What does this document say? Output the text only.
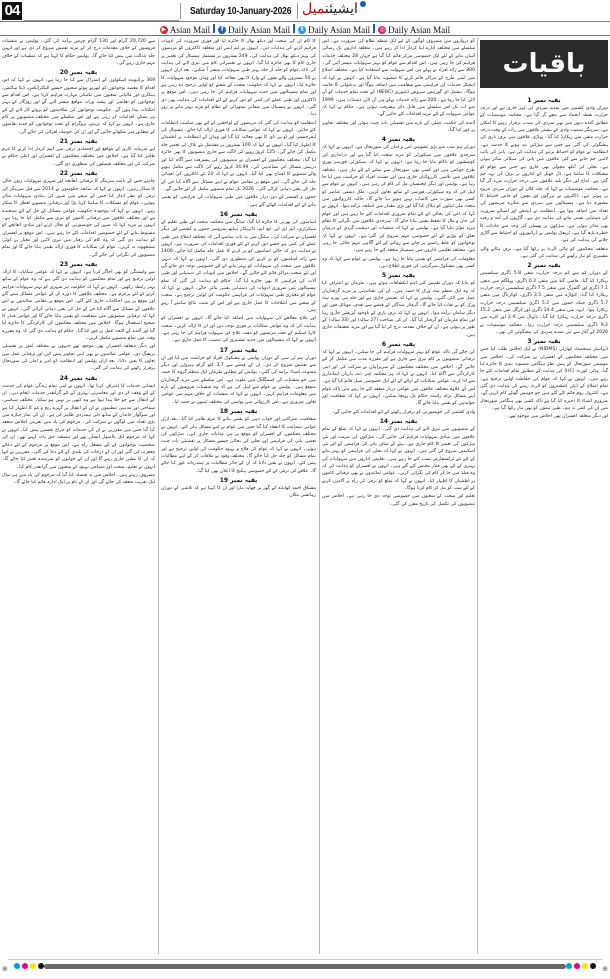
04	Saturday 10-January-2026	ایشیئنمیل
▶ Asian Mail	f Daily Asian Mail	t Daily Asian Mail ◎ Daily Asian Mail
سے 20,720 گرام اور 130 گرام چرس برآمد کی گئی۔ پولیس نے منشیات فروشوں کے خلاف مقدمات درج کر کے مزید تفتیش شروع کر دی ہے اور انہیں جلد عدالت میں پیش کیا جائے گا۔ پولیس حکام کا کہنا ہے کہ منشیات کے خلاف مہم جاری رہے گی۔
بقیہ نمبر 20
369 پرائیویٹ اسکولوں کے اشتراک سے کیا جا رہا ہے۔ انہوں نے کہا کہ اس اقدام کا مقصد نوجوانوں کو ابھرتے ہوئے شعبوں جیسے الیکٹرانکس، ڈیٹا سائنس، بینکاری اور مالیاتی شعبوں میں تکنیکی مہارت فراہم کرنا ہے۔ اس اقدام سے نوجوانوں کو تعلیمی اور پیشہ ورانہ مواقع میسر آئیں گے اور روزگار کے بہتر امکانات پیدا ہوں گے۔ حکومت نوجوانوں کی صلاحیتوں کو بروئے کار لانے کے لئے ہر ممکن اقدامات کر رہی ہے اور اس سلسلے میں مختلف منصوبوں پر کام جاری ہے۔ انہوں نے کہا کہ تربیتی پروگرام کے تحت نوجوانوں کو جدید تقاضوں کے مطابق ہنر سکھائے جائیں گے اور ان کی حوصلہ افزائی کی جائے گی۔
بقیہ نمبر 21
لیے سرمایہ کاری کے مواقع اور اقتصادی ترقی میں اہم کردار ادا کرنے کا عزم ظاہر کیا گیا ہے۔ اجلاس میں مختلف محکموں کے افسران اور اعلیٰ حکام نے شرکت کی اور مختلف فیصلوں کی منظوری دی گئی۔
بقیہ نمبر 22
چاہئے جس کے باعث سرینگر کا ترقیاتی ڈھانچہ اور شہری سہولیات زبوں حالی کا شکار رہیں۔ انہوں نے کہا کہ سابقہ حکومتوں نے 2014 سے قبل سرینگر کی ترقی کو نظر انداز کیا جس کے نتیجے میں شہر کی بنیادی سہولیات متاثر ہوئیں۔ عوام کو مشکلات کا سامنا کرنا پڑا اور ترقیاتی منصوبے تعطل کا شکار رہے۔ انہوں نے کہا کہ موجودہ حکومت عوامی مسائل کے حل کے لئے سنجیدہ ہے اور مختلف علاقوں میں ترقیاتی کاموں کو تیزی سے مکمل کیا جا رہا ہے۔ انہوں نے مزید کہا کہ شہر کی خوبصورتی کو بحال کرنے اور بنیادی ڈھانچے کو مضبوط بنانے کے لئے خصوصی اقدامات کئے جا رہے ہیں۔ اس موقع پر افسران کو ہدایت دی گئی کہ وہ کام کی رفتار میں تیزی لائیں اور معیار پر کوئی سمجھوتہ نہ کریں۔ عوام کی شکایات کا فوری ازالہ یقینی بنایا جائے گا اور تمام منصوبوں کی نگرانی کی جائے گی۔
بقیہ نمبر 23
سے وابستگی کو بھی اجاگر کرتا ہے۔ انہوں نے کہا کہ عوامی شکایات کا ازالہ اولین ترجیح ہے اور تمام محکموں کو ہدایت دی گئی ہے کہ وہ عوام کے ساتھ بہتر رابطہ رکھیں۔ انہوں نے کہا کہ حکومت ہر شہری کو بہتر سہولیات فراہم کرنے کے لئے پرعزم ہے۔ مختلف علاقوں کا دورہ کر کے عوامی مسائل سنے گئے اور موقع پر ہی احکامات جاری کئے گئے۔ اس موقع پر مقامی نمائندوں نے اپنے علاقوں کے مسائل سے آگاہ کیا جن کے حل کی یقین دہانی کرائی گئی۔ انہوں نے کہا کہ ترقیاتی منصوبوں میں شفافیت کو یقینی بنایا جائے گا اور عوامی فنڈز کا صحیح استعمال ہوگا۔ اجلاس میں مختلف محکموں کی کارکردگی کا جائزہ لیا گیا اور آئندہ کے لائحہ عمل پر غور کیا گیا۔ حکام کو ہدایت دی گئی کہ وہ مقررہ وقت میں تمام منصوبے مکمل کریں۔
اور دیگر متعلقہ افسران بھی موجود تھے جنہوں نے مختلف امور پر تفصیلی بریفنگ دی۔ عوامی نمائندوں نے بھی اپنی تجاویز پیش کیں اور ترقیاتی عمل میں تعاون کا یقین دلایا۔ بعد ازاں پولیس اور انتظامیہ کو امن و امان کی صورتحال برقرار رکھنے کی ہدایت کی گئی۔
بقیہ نمبر 24
انسانی خدمات کا اعتراف کرتا تھا۔ انہوں نے اپنی تمام زندگی عوام کی خدمت کے لئے وقف کر دی اور معاشرتی بہتری کے لئے گرانقدر خدمات انجام دیں۔ ان کے انتقال سے جو خلا پیدا ہوا ہے وہ کبھی پر نہیں ہو سکتا۔ مختلف سیاسی، سماجی اور مذہبی تنظیموں نے ان کے انتقال پر گہرے رنج و غم کا اظہار کیا ہے اور سوگوار خاندان کے ساتھ دلی ہمدردی ظاہر کی ہے۔ ان کی نماز جنازہ میں بڑی تعداد میں لوگوں نے شرکت کی۔ مرحوم کی یاد میں تعزیتی اجلاس منعقد کیا گیا جس میں مقررین نے ان کی خدمات کو خراج تحسین پیش کیا۔ انہوں نے کہا کہ مرحوم ایک بااصول انسان تھے اور ہمیشہ حق بات کہتے تھے۔ ان کی شخصیت نوجوانوں کے لئے مشعل راہ ہے۔ اس موقع پر مرحوم کے لئے دعائے مغفرت کی گئی اور ان کے درجات کی بلندی کے لئے دعا کی گئی۔ مقررین نے کہا کہ ان کا مشن جاری رہے گا اور ان کے خوابوں کو شرمندہ تعبیر کیا جائے گا۔ انہوں نے تعلیم، صحت اور سماجی بہبود کے شعبوں میں گرانقدر کام کیا۔
مصروف رہتے ہیں۔ اجلاس میں یہ فیصلہ کیا گیا کہ مرحوم کی یاد میں ہر سال ایک تقریب منعقد کی جائے گی اور ان کے نام پر ایک ادارہ قائم کیا جائے گا۔
کا کام ان کی صحت اور دیکھ بھال کا جائزہ لیا اور فوری ضرورت کی ادویات فراہم کرنے کی ہدایات دیں۔ انہوں نے ایم ایس اور متعلقہ ڈاکٹروں کو مریضوں کی بہتر دیکھ بھال کی ہدایت کی۔ 249 بستروں پر مشتمل ہسپتال کی تعمیر پر جاری کام کا بھی جائزہ لیا گیا۔ انہوں نے تعمیراتی کام میں تیزی لانے کی ہدایت کی تاکہ عوام کو جلد از جلد بہتر طبی سہولیات میسر آ سکیں۔ بعد ازاں انہوں نے 50 بستروں والے بچوں کے وارڈ کا بھی معائنہ کیا اور وہاں موجود سہولیات کا جائزہ لیا۔ انہوں نے کہا کہ حکومت صحت کے شعبے کو اولین ترجیح دے رہی ہے اور تمام ہسپتالوں میں جدید سہولیات فراہم کی جا رہی ہیں۔ اس موقع پر ڈاکٹروں اور طبی عملے کی کمی کو دور کرنے کے لئے اقدامات کی ہدایت بھی دی گئی۔ انہوں نے ہسپتال میں صفائی ستھرائی کے نظام کو مزید بہتر بنانے پر زور دیا۔
انتظامیہ کو ہدایت کی گئی کہ مریضوں کے لواحقین کے لئے بھی مناسب انتظامات کئے جائیں۔ انہوں نے کہا کہ عوامی شکایات کا فوری ازالہ کیا جائے۔ ہسپتال کی ایمرجنسی اور او پی ڈی کا بھی معائنہ کیا گیا اور وہاں کے انتظامات پر اطمینان کا اظہار کیا گیا۔ انہوں نے کہا کہ 100 بستروں پر مشتمل نئے بلاک کی تعمیر جلد مکمل کی جائے گی۔ 125 کروڑ روپے کی لاگت سے جاری منصوبوں کا بھی جائزہ لیا گیا۔ مختلف محکموں کے افسران نے منصوبوں کی پیشرفت سے آگاہ کیا اور درپیش مسائل کی نشاندہی کی۔ 34.99 کروڑ روپے کی لاگت سے مکمل ہونے والے منصوبے کا افتتاح بھی کیا گیا۔ انہوں نے کہا کہ 20 نئے ڈاکٹروں کی تعیناتی جلد کی جائے گی۔ اس موقع پر مقامی عوام نے اپنے مسائل سے آگاہ کیا جن کے حل کی یقین دہانی کرائی گئی۔ 2026 تک تمام منصوبے مکمل کر لئے جائیں گے۔
جموں و کشمیر کے دور دراز علاقوں میں طبی سہولیات کی فراہمی کو یقینی بنانے کے لئے اقدامات اٹھائے گئے ہیں۔
بقیہ نمبر 16
اسامیوں کی بھرتی کا جائزہ لیا گیا۔ میٹنگ میں محکمہ صحت اور طبی تعلیم کے سیکرٹری، ایم ڈی این ایچ ایم، ڈائریکٹر ہیلتھ سروسز جموں و کشمیر اور دیگر افسران نے شرکت کی۔ میٹنگ میں یہ بات سامنے آئی کہ مختلف اضلاع میں طبی عملے کی کمی ہے جسے دور کرنے کے لئے فوری اقدامات کی ضرورت ہے۔ انہوں نے ہدایت دی کہ خالی اسامیوں کو پر کرنے کا عمل جلد مکمل کیا جائے۔ 1400 سے زائد اسامیوں کو پر کرنے کی منظوری دی گئی۔ انہوں نے کہا کہ دیہی علاقوں میں صحت کی سہولیات کو بہتر بنانے کے لئے خصوصی توجہ دی جائے گی اور نئے صحت مراکز قائم کئے جائیں گے۔ اجلاس میں ادویات کی دستیابی اور طبی آلات کی فراہمی کا بھی جائزہ لیا گیا۔ حکام کو ہدایت کی گئی کہ تمام ہسپتالوں میں ضروری ادویات کی دستیابی یقینی بنائی جائے۔ انہوں نے کہا کہ عوام کو معیاری طبی سہولیات کی فراہمی حکومت کی اولین ترجیح ہے۔ صحت کے شعبے میں اصلاحات کا عمل جاری ہے اور اس کے مثبت نتائج سامنے آ رہے ہیں۔
اور علاج معالجے کی سہولیات میں اضافہ کیا جائے گا۔ انہوں نے افسران کو ہدایت کی کہ وہ عوامی شکایات پر فوری توجہ دیں اور ان کا ازالہ کریں۔ صحت کارڈ اسکیم کے تحت مریضوں کو مفت علاج کی سہولت فراہم کی جا رہی ہے۔ انہوں نے کہا کہ ہسپتالوں میں جدید مشینری کی تنصیب کا عمل جاری ہے۔
بقیہ نمبر 17
دوران ہم ٹی سی کے دوران پولیس نے مشکوک افراد کو حراست میں لیا اور ان سے تفتیش شروع کر دی۔ ان کے قبضے سے 3.7 کلو گرام ہیروئن اور دیگر ممنوعہ اشیاء برآمد کی گئیں۔ پولیس کے مطابق ملزمان ایک منظم گروہ کا حصہ ہیں جو منشیات کی اسمگلنگ میں ملوث ہے۔ اس سلسلے میں مزید گرفتاریاں متوقع ہیں۔ پولیس نے عوام سے اپیل کی ہے کہ وہ منشیات فروشوں کے بارے میں معلومات فراہم کریں۔ انہوں نے کہا کہ منشیات کے خلاف مہم میں عوامی تعاون ضروری ہے۔ اس کارروائی میں پولیس کی مختلف ٹیموں نے حصہ لیا۔
بقیہ نمبر 18
شفافیت، شراکتی اور جواب دہی کو یقینی بنانے کا عزم ظاہر کیا گیا۔ بعد ازاں عوامی سماعت کا انعقاد کیا گیا جس میں عوام نے اپنے مسائل بیان کئے۔ انہوں نے مختلف محکموں کے افسران کو موقع پر ہی ہدایات جاری کیں۔ سڑکوں کی تعمیر، پانی کی فراہمی اور بجلی کی بحالی جیسے مسائل پر تفصیلی بات چیت ہوئی۔ انہوں نے کہا کہ عوام کی فلاح و بہبود حکومت کی اولین ترجیح ہے اور تمام مسائل کو جلد حل کیا جائے گا۔ مختلف وفود نے ملاقات کر کے اپنے مطالبات پیش کئے۔ انہوں نے یقین دلایا کہ ان کے جائز مطالبات پر ہمدردانہ غور کیا جائے گا۔ علاقے کی ترقی کے لئے خصوصی پیکیج کا اعلان بھی کیا گیا۔
بقیہ نمبر 19
مشتاق احمد کھانڈے کے گھر پر چھاپہ مارا اور ان کا کہنا ہے کہ تلاشی کے دوران رہائشی مکان
کو دروازوں میں مصروف لوگوں کے لیے ایک منظم نظام کی ضرورت ہے۔ اس سلسلے میں مختلف ادارے اپنا کردار ادا کر رہے ہیں۔ متعلقہ اداروں تک رسائی آسان بنانے کے لئے ایک خصوصی مرکز قائم کیا گیا ہے جہاں 28 مختلف خدمات فراہم کی جا رہی ہیں۔ اس اقدام سے عوام کو بہتر سہولیات میسر آئیں گی۔ 800 سے زائد افراد نے پہلے ہی اس سہولت سے استفادہ کیا ہے۔ مختلف اضلاع میں اسی طرح کے مراکز قائم کرنے کا منصوبہ بنایا گیا ہے۔ انہوں نے کہا کہ ڈیجیٹل خدمات کی فراہمی سے شفافیت میں اضافہ ہوگا اور بدعنوانی کا خاتمہ ہوگا۔ نیشنل ای گورننس سروس ڈیلیوری (NEBC) کے تحت تمام خدمات کو آن لائن کیا جا رہا ہے۔ 200 سے زائد خدمات پہلے ہی آن لائن دستیاب ہیں۔ 1999 سے اب تک اس سلسلے میں قابل ذکر پیشرفت ہوئی ہے۔ حکام نے کہا کہ عوامی سہولت کے لئے مزید اقدامات کئے جائیں گے۔
آئندہ کی حکمت عملی کے بارے میں تفصیلی بات چیت ہوئی اور مختلف تجاویز پر غور کیا گیا۔
بقیہ نمبر 4
دوران ہم سب سے بڑی تشویش امن و امان کی صورتحال ہے۔ انہوں نے کہا کہ سرحدی علاقوں میں سیکورٹی کو مزید سخت کیا گیا ہے اور دراندازی کی کوششوں کو ناکام بنایا جا رہا ہے۔ انہوں نے کہا کہ سیکورٹی فورسز پوری طرح چوکس ہیں اور کسی بھی صورتحال سے نمٹنے کے لئے تیار ہیں۔ مختلف علاقوں میں تلاشی کارروائیاں جاری ہیں اور مشتبہ افراد کو حراست میں لیا جا رہا ہے۔ پولیس اور دیگر ایجنسیاں مل کر کام کر رہی ہیں۔ انہوں نے عوام سے اپیل کی کہ وہ سیکورٹی فورسز کے ساتھ تعاون کریں۔ ملک دشمن عناصر کو کسی بھی صورت میں کامیاب نہیں ہونے دیا جائے گا۔ حالیہ کارروائیوں میں متعدد ملی ٹینٹوں کو ہلاک کیا گیا اور بڑی مقدار میں اسلحہ برآمد ہوا۔ انہوں نے کہا کہ امن کی بحالی کے لئے تمام ضروری اقدامات کئے جا رہے ہیں اور عوام کی جان و مال کا تحفظ یقینی بنایا جائے گا۔ سرحدی علاقوں میں نگرانی کا نظام مزید مؤثر بنایا گیا ہے۔ پولیس نے کہا کہ منشیات اور دہشت گردی کے درمیان تعلق کو توڑنے کے لئے خصوصی مہم شروع کی گئی ہے۔ انہوں نے کہا کہ نوجوانوں کو غلط راستے پر جانے سے روکنے کے لئے آگاہی مہم چلائی جا رہی ہے۔ مختلف تعلیمی اداروں میں سیمینار منعقد کئے جا رہے ہیں۔
معلومات کی فراہمی کو یقینی بنایا جا رہا ہے۔ پولیس نے عوام سے کہا کہ وہ کسی بھی مشکوک سرگرمی کی فوری اطلاع دیں۔
بقیہ نمبر 5
کو بتایا کہ دوران تفتیش کئی اہم انکشافات ہوئے ہیں۔ ملزمان نے اعتراف کیا کہ وہ ایک منظم نیٹ ورک کا حصہ ہیں۔ ان کی نشاندہی پر مزید گرفتاریاں عمل میں لائی گئیں۔ پولیس نے کہا کہ تفتیش جاری ہے اور جلد ہی پورے نیٹ ورک کو بے نقاب کیا جائے گا۔ گرفتار شدگان کے قبضے سے نقدی، موبائل فون اور دیگر سامان برآمد ہوا۔ انہوں نے کہا کہ برف باری کے باوجود آپریشن جاری رہا اور تمام ملزمان کو گرفتار کیا گیا۔ ان کی شناخت (27 سالہ) اور (33 سالہ) کے طور پر ہوئی ہے۔ ان کے خلاف مقدمہ درج کر لیا گیا ہے اور مزید تحقیقات جاری ہیں۔
بقیہ نمبر 6
کی جائے گی تاکہ عوام کو بہتر سہولیات فراہم کی جا سکیں۔ انہوں نے کہا کہ ترقیاتی منصوبوں پر کام تیزی سے جاری ہے اور مقررہ مدت میں مکمل کر لئے جائیں گے۔ اجلاس میں مختلف محکموں کے سربراہان نے شرکت کی اور اپنی کارکردگی سے آگاہ کیا۔ انہوں نے کہا کہ ہر محکمہ اپنی ذمہ داریاں ایمانداری سے ادا کرے۔ عوامی شکایات کے ازالے کے لئے ایک خصوصی سیل قائم کیا گیا ہے۔ اس کے علاوہ مختلف علاقوں میں عوامی دربار منعقد کئے جا رہے ہیں تاکہ عوام اپنے مسائل براہ راست حکام تک پہنچا سکیں۔ انہوں نے کہا کہ شفافیت اور جوابدہی کو یقینی بنایا جائے گا۔
وادی کشمیر کی خوبصورتی کو برقرار رکھنے کے لئے اقدامات کئے جائیں گے۔
بقیہ نمبر 14
کے منصوبوں میں تیزی لانے کی ہدایت دی گئی۔ انہوں نے کہا کہ ضلع کے تمام علاقوں میں بنیادی سہولیات فراہم کی جائیں گی۔ سڑکوں کی مرمت اور نئی سڑکوں کی تعمیر کا کام جاری ہے۔ پینے کے صاف پانی کی فراہمی کے لئے نئی اسکیمیں شروع کی گئی ہیں۔ انہوں نے کہا کہ بجلی کی فراہمی کو بہتر بنانے کے لئے نئے ٹرانسفارمر نصب کئے جا رہے ہیں۔ تعلیمی اداروں میں سہولیات کی بہتری کے لئے بھی فنڈز مختص کئے گئے ہیں۔ انہوں نے افسران کو ہدایت کی کہ وہ فیلڈ میں جا کر کام کی نگرانی کریں۔ عوامی نمائندوں نے بھی ترقیاتی کاموں پر اطمینان کا اظہار کیا۔ انہوں نے کہا کہ ضلع کو ترقی کی راہ پر گامزن کرنے کے لئے سب کو مل کر کام کرنا ہوگا۔
تعلیم اور صحت کے شعبوں میں خصوصی توجہ دی جا رہی ہے۔ اجلاس میں منصوبوں کی تکمیل کی تاریخ مقرر کی گئی۔
باقیات
بقیہ نمبر 1
دوران وادی کشمیر میں شدید سردی کی لہر جاری ہے اور درجہ حرارت نقطہ انجماد سے نیچے گر گیا ہے۔ محکمہ موسمیات کے مطابق آئندہ دنوں میں بھی سردی کی شدت برقرار رہنے کا امکان ہے۔ سرینگر سمیت وادی کے بیشتر علاقوں میں رات کے وقت درجہ حرارت منفی میں ریکارڈ کیا گیا۔ پہاڑی علاقوں میں برف باری کی پیشگوئی کی گئی ہے جس سے سڑکیں بند ہونے کا خدشہ ہے۔ انتظامیہ نے عوام کو احتیاط برتنے کی ہدایت کی ہے۔ پانی کی پائپ لائنیں جم جانے سے کئی علاقوں میں پانی کی سپلائی متاثر ہوئی ہے۔ بجلی کی آنکھ مچولی بھی جاری ہے جس سے عوام کو مشکلات کا سامنا ہے۔ ڈل جھیل کے کناروں پر برف کی تہہ جم گئی ہے۔ لداخ اور دیگر بلند علاقوں میں درجہ حرارت مزید گر گیا ہے۔ محکمہ موسمیات نے کہا کہ چلہ کلان کے دوران سردی عروج پر ہوتی ہے۔ ڈاکٹروں نے بزرگوں اور بچوں کو خاص احتیاط کا مشورہ دیا ہے۔ ہسپتالوں میں سردی سے متاثرہ مریضوں کی تعداد میں اضافہ ہوا ہے۔ انتظامیہ نے ایندھن اور اشیائے ضروریہ کی دستیابی یقینی بنانے کی ہدایت دی ہے۔ گاڑیوں کی آمد و رفت بھی متاثر ہوئی ہے۔ سڑکوں پر پھسلن کی وجہ سے حادثات کا خطرہ بڑھ گیا ہے۔ ٹریفک پولیس نے ڈرائیوروں کو احتیاط سے گاڑی چلانے کی ہدایت کی ہے۔
متعلقہ محکموں کو ہائی الرٹ پر رکھا گیا ہے۔ برف ہٹانے والی مشینری کو تیار رکھنے کی ہدایت کی گئی ہے۔
بقیہ نمبر 2
کے دوران کم سے کم درجہ حرارت منفی 5.8 ڈگری سیلسیس ریکارڈ کیا گیا۔ قاضی گنڈ میں منفی 6.2 ڈگری، پہلگام میں منفی 7.1 ڈگری اور گلمرگ میں منفی 7.5 ڈگری سیلسیس درجہ حرارت ریکارڈ کیا گیا۔ کپواڑہ میں منفی 3.5 ڈگری، کوکرناگ میں منفی 5.7 ڈگری جبکہ جموں میں 5.2 ڈگری سیلسیس درجہ حرارت ریکارڈ ہوا۔ لیہہ میں منفی 14.4 ڈگری اور کرگل میں منفی 15.2 ڈگری درجہ حرارت ریکارڈ کیا گیا۔ بانہال میں 2.4 اور کٹرہ میں 9.2 ڈگری سیلسیس درجہ حرارت رہا۔ محکمہ موسمیات نے 2026 کے آغاز سے ہی شدید سردی کی پیشگوئی کی تھی۔
بقیہ نمبر 3
ڈیزاسٹر مینجمنٹ اتھارٹی (NIDMS) نے ایک اجلاس طلب کیا جس میں مختلف محکموں کے افسران نے شرکت کی۔ اجلاس میں موسمی صورتحال کے پیش نظر ہنگامی منصوبہ بندی کا جائزہ لیا گیا۔ ہائی کورٹ (HC) کی ہدایت کے مطابق تمام اقدامات کئے جا رہے ہیں۔ انہوں نے کہا کہ عوام کی حفاظت اولین ترجیح ہے۔ تمام اضلاع کے ڈپٹی کمشنروں کو الرٹ رہنے کی ہدایت دی گئی ہے۔ کنٹرول روم قائم کئے گئے ہیں جو چوبیس گھنٹے کام کریں گے۔ ضروری اشیاء کا ذخیرہ کیا گیا ہے تاکہ کسی بھی ہنگامی صورتحال میں ان کی کمی نہ ہو۔ طبی ٹیموں کو بھی تیار رکھا گیا ہے۔
اور دیگر متعلقہ افسران بھی اجلاس میں موجود تھے۔
⊕	⊕
